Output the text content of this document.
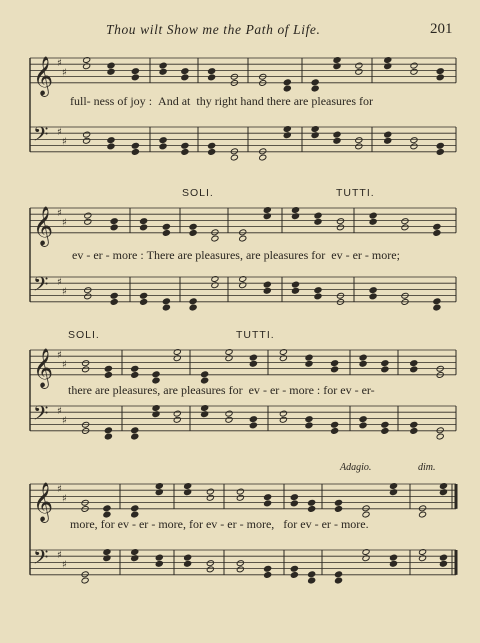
Thou wilt Show me the Path of Life.	201
𝄞 ♯
♯
𝄢 ♯
♯
𝄞 ♯
♯
𝄢 ♯
♯
𝄞 ♯
♯
𝄢 ♯
♯
𝄞 ♯
♯
𝄢 ♯
♯
full- ness of joy : And at thy right hand there are pleasures for
SOLI.	TUTTI.
ev - er - more : There are pleasures, are pleasures for ev - er - more;
SOLI.	TUTTI.
there are pleasures, are pleasures for ev - er - more : for ev - er-
Adagio.	dim.
more, for ev - er - more, for ev - er - more, for ev - er - more.
